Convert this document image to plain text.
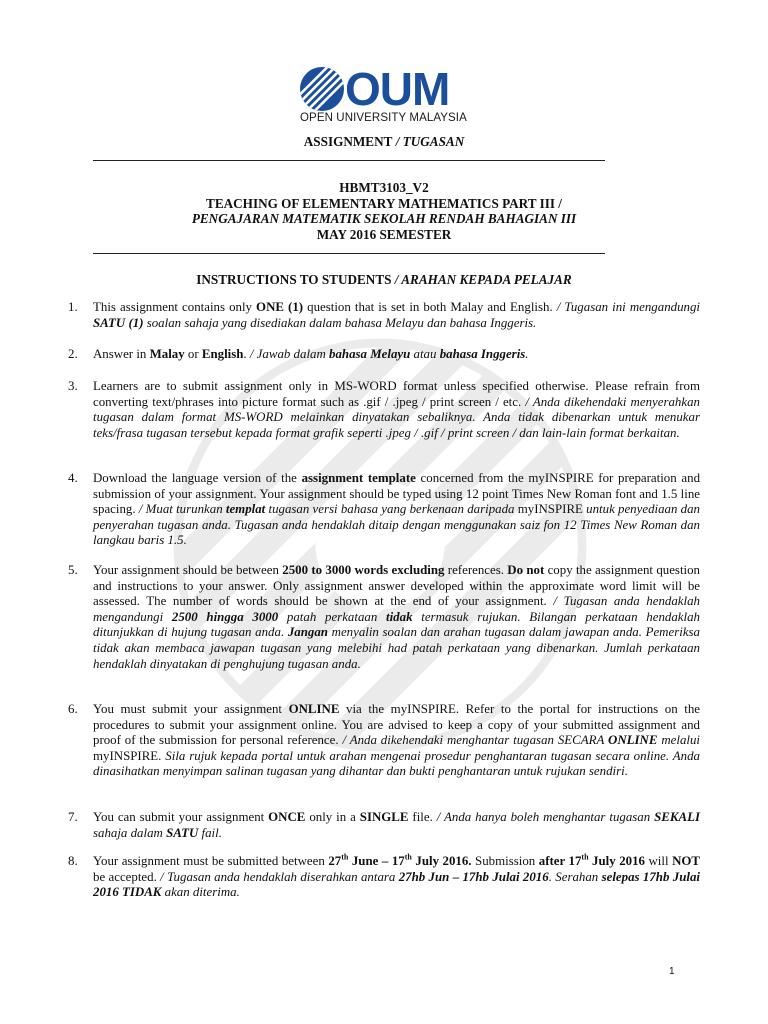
OUM
OPEN UNIVERSITY MALAYSIA
ASSIGNMENT / TUGASAN
HBMT3103_V2
TEACHING OF ELEMENTARY MATHEMATICS PART III /
PENGAJARAN MATEMATIK SEKOLAH RENDAH BAHAGIAN III
MAY 2016 SEMESTER
INSTRUCTIONS TO STUDENTS / ARAHAN KEPADA PELAJAR
1.	This assignment contains only ONE (1) question that is set in both Malay and English. / Tugasan ini mengandungi SATU (1) soalan sahaja yang disediakan dalam bahasa Melayu dan bahasa Inggeris.
2.	Answer in Malay or English. / Jawab dalam bahasa Melayu atau bahasa Inggeris.
3.	Learners are to submit assignment only in MS-WORD format unless specified otherwise. Please refrain from converting text/phrases into picture format such as .gif / .jpeg / print screen / etc. / Anda dikehendaki menyerahkan tugasan dalam format MS-WORD melainkan dinyatakan sebaliknya. Anda tidak dibenarkan untuk menukar teks/frasa tugasan tersebut kepada format grafik seperti .jpeg / .gif / print screen / dan lain-lain format berkaitan.
4.	Download the language version of the assignment template concerned from the myINSPIRE for preparation and submission of your assignment. Your assignment should be typed using 12 point Times New Roman font and 1.5 line spacing. / Muat turunkan templat tugasan versi bahasa yang berkenaan daripada myINSPIRE untuk penyediaan dan penyerahan tugasan anda. Tugasan anda hendaklah ditaip dengan menggunakan saiz fon 12 Times New Roman dan langkau baris 1.5.
5.	Your assignment should be between 2500 to 3000 words excluding references. Do not copy the assignment question and instructions to your answer. Only assignment answer developed within the approximate word limit will be assessed. The number of words should be shown at the end of your assignment. / Tugasan anda hendaklah mengandungi 2500 hingga 3000 patah perkataan tidak termasuk rujukan. Bilangan perkataan hendaklah ditunjukkan di hujung tugasan anda. Jangan menyalin soalan dan arahan tugasan dalam jawapan anda. Pemeriksa tidak akan membaca jawapan tugasan yang melebihi had patah perkataan yang dibenarkan. Jumlah perkataan hendaklah dinyatakan di penghujung tugasan anda.
6.	You must submit your assignment ONLINE via the myINSPIRE. Refer to the portal for instructions on the procedures to submit your assignment online. You are advised to keep a copy of your submitted assignment and proof of the submission for personal reference. / Anda dikehendaki menghantar tugasan SECARA ONLINE melalui myINSPIRE. Sila rujuk kepada portal untuk arahan mengenai prosedur penghantaran tugasan secara online. Anda dinasihatkan menyimpan salinan tugasan yang dihantar dan bukti penghantaran untuk rujukan sendiri.
7.	You can submit your assignment ONCE only in a SINGLE file. / Anda hanya boleh menghantar tugasan SEKALI sahaja dalam SATU fail.
8.	Your assignment must be submitted between 27th June – 17th July 2016. Submission after 17th July 2016 will NOT be accepted. / Tugasan anda hendaklah diserahkan antara 27hb Jun – 17hb Julai 2016. Serahan selepas 17hb Julai 2016 TIDAK akan diterima.
1
